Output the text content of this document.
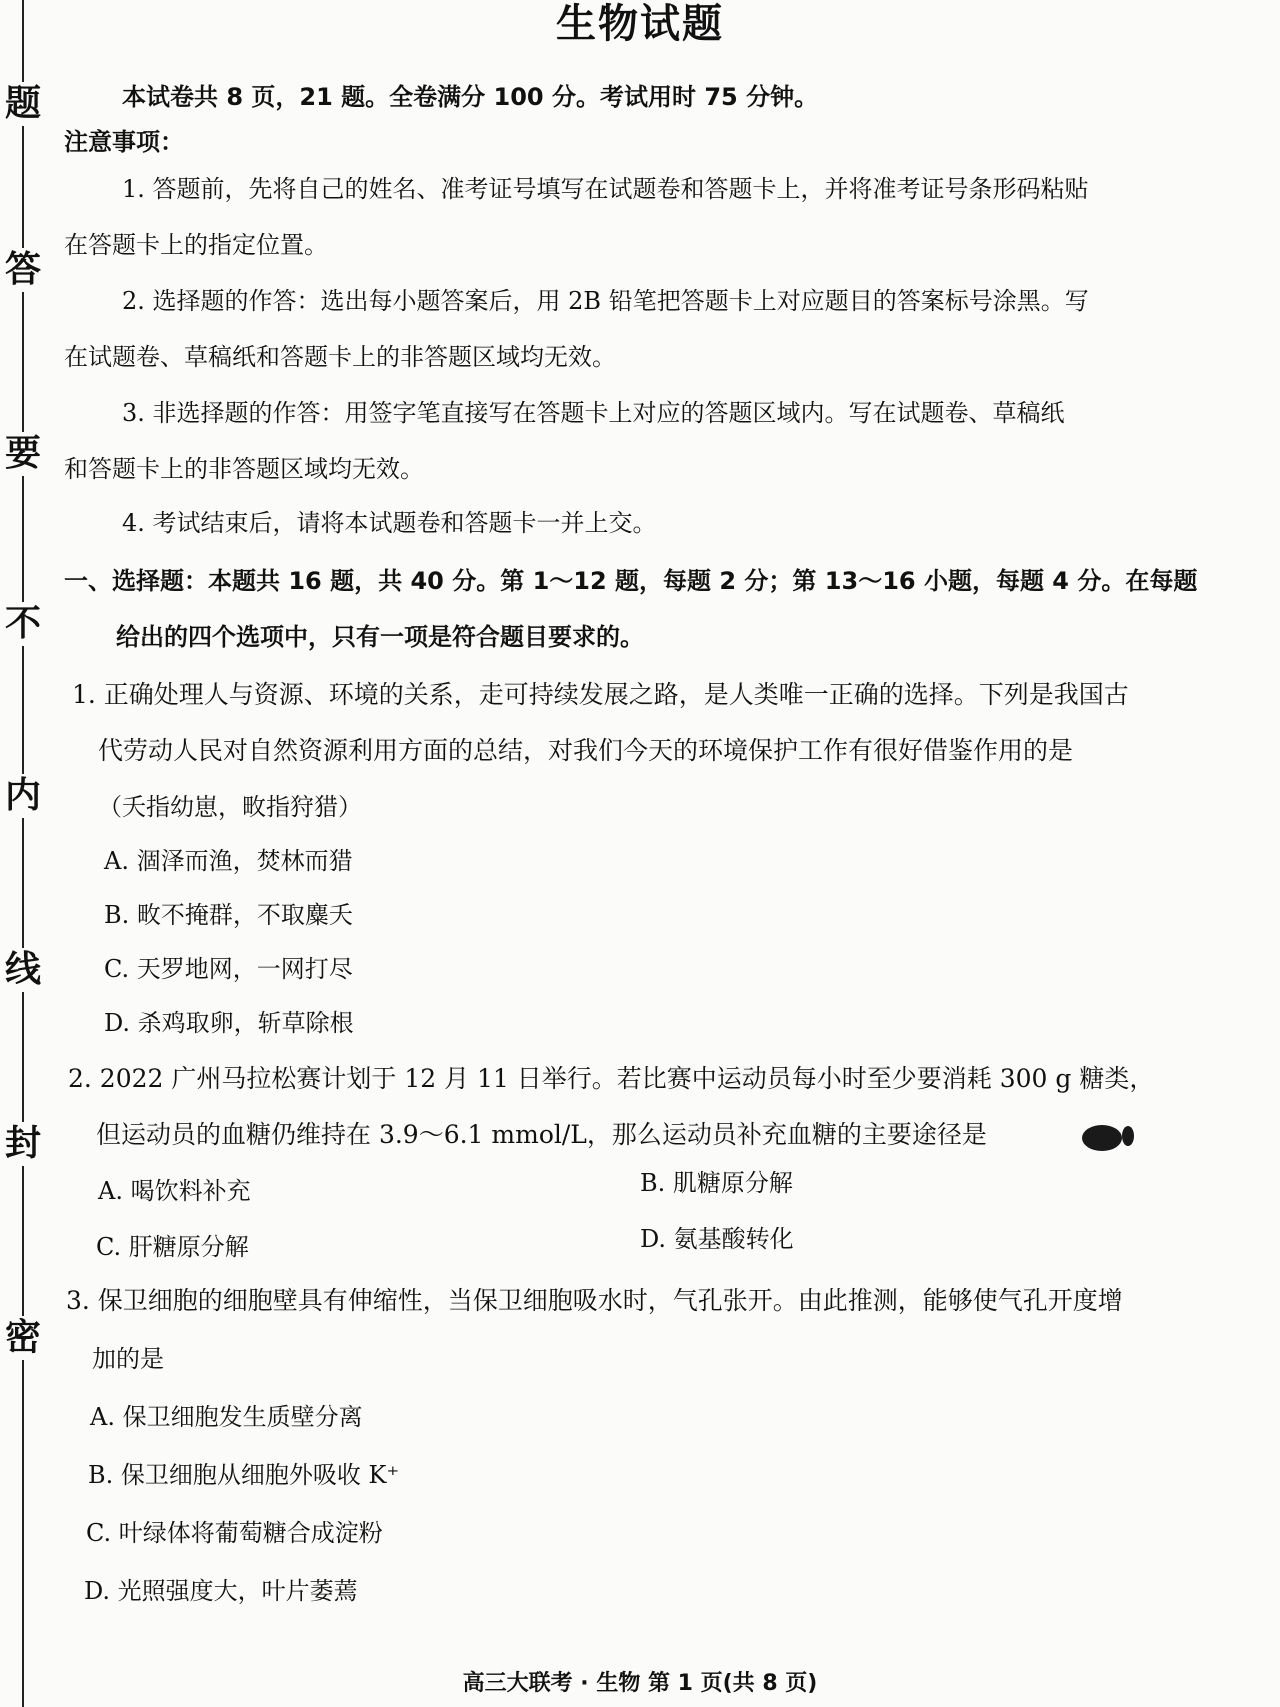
题
答
要
不
内
线
封
密
生物试题
本试卷共 8 页，21 题。全卷满分 100 分。考试用时 75 分钟。
注意事项：
1. 答题前，先将自己的姓名、准考证号填写在试题卷和答题卡上，并将准考证号条形码粘贴
在答题卡上的指定位置。
2. 选择题的作答：选出每小题答案后，用 2B 铅笔把答题卡上对应题目的答案标号涂黑。写
在试题卷、草稿纸和答题卡上的非答题区域均无效。
3. 非选择题的作答：用签字笔直接写在答题卡上对应的答题区域内。写在试题卷、草稿纸
和答题卡上的非答题区域均无效。
4. 考试结束后，请将本试题卷和答题卡一并上交。
一、选择题：本题共 16 题，共 40 分。第 1～12 题，每题 2 分；第 13～16 小题，每题 4 分。在每题
给出的四个选项中，只有一项是符合题目要求的。
1. 正确处理人与资源、环境的关系，走可持续发展之路，是人类唯一正确的选择。下列是我国古
代劳动人民对自然资源利用方面的总结，对我们今天的环境保护工作有很好借鉴作用的是
（夭指幼崽，畋指狩猎）
A. 涸泽而渔，焚林而猎
B. 畋不掩群，不取麋夭
C. 天罗地网，一网打尽
D. 杀鸡取卵，斩草除根
2. 2022 广州马拉松赛计划于 12 月 11 日举行。若比赛中运动员每小时至少要消耗 300 g 糖类，
但运动员的血糖仍维持在 3.9～6.1 mmol/L，那么运动员补充血糖的主要途径是
A. 喝饮料补充	B. 肌糖原分解
C. 肝糖原分解	D. 氨基酸转化
3. 保卫细胞的细胞壁具有伸缩性，当保卫细胞吸水时，气孔张开。由此推测，能够使气孔开度增
加的是
A. 保卫细胞发生质壁分离
B. 保卫细胞从细胞外吸收 K⁺
C. 叶绿体将葡萄糖合成淀粉
D. 光照强度大，叶片萎蔫
高三大联考 · 生物 第 1 页(共 8 页)
